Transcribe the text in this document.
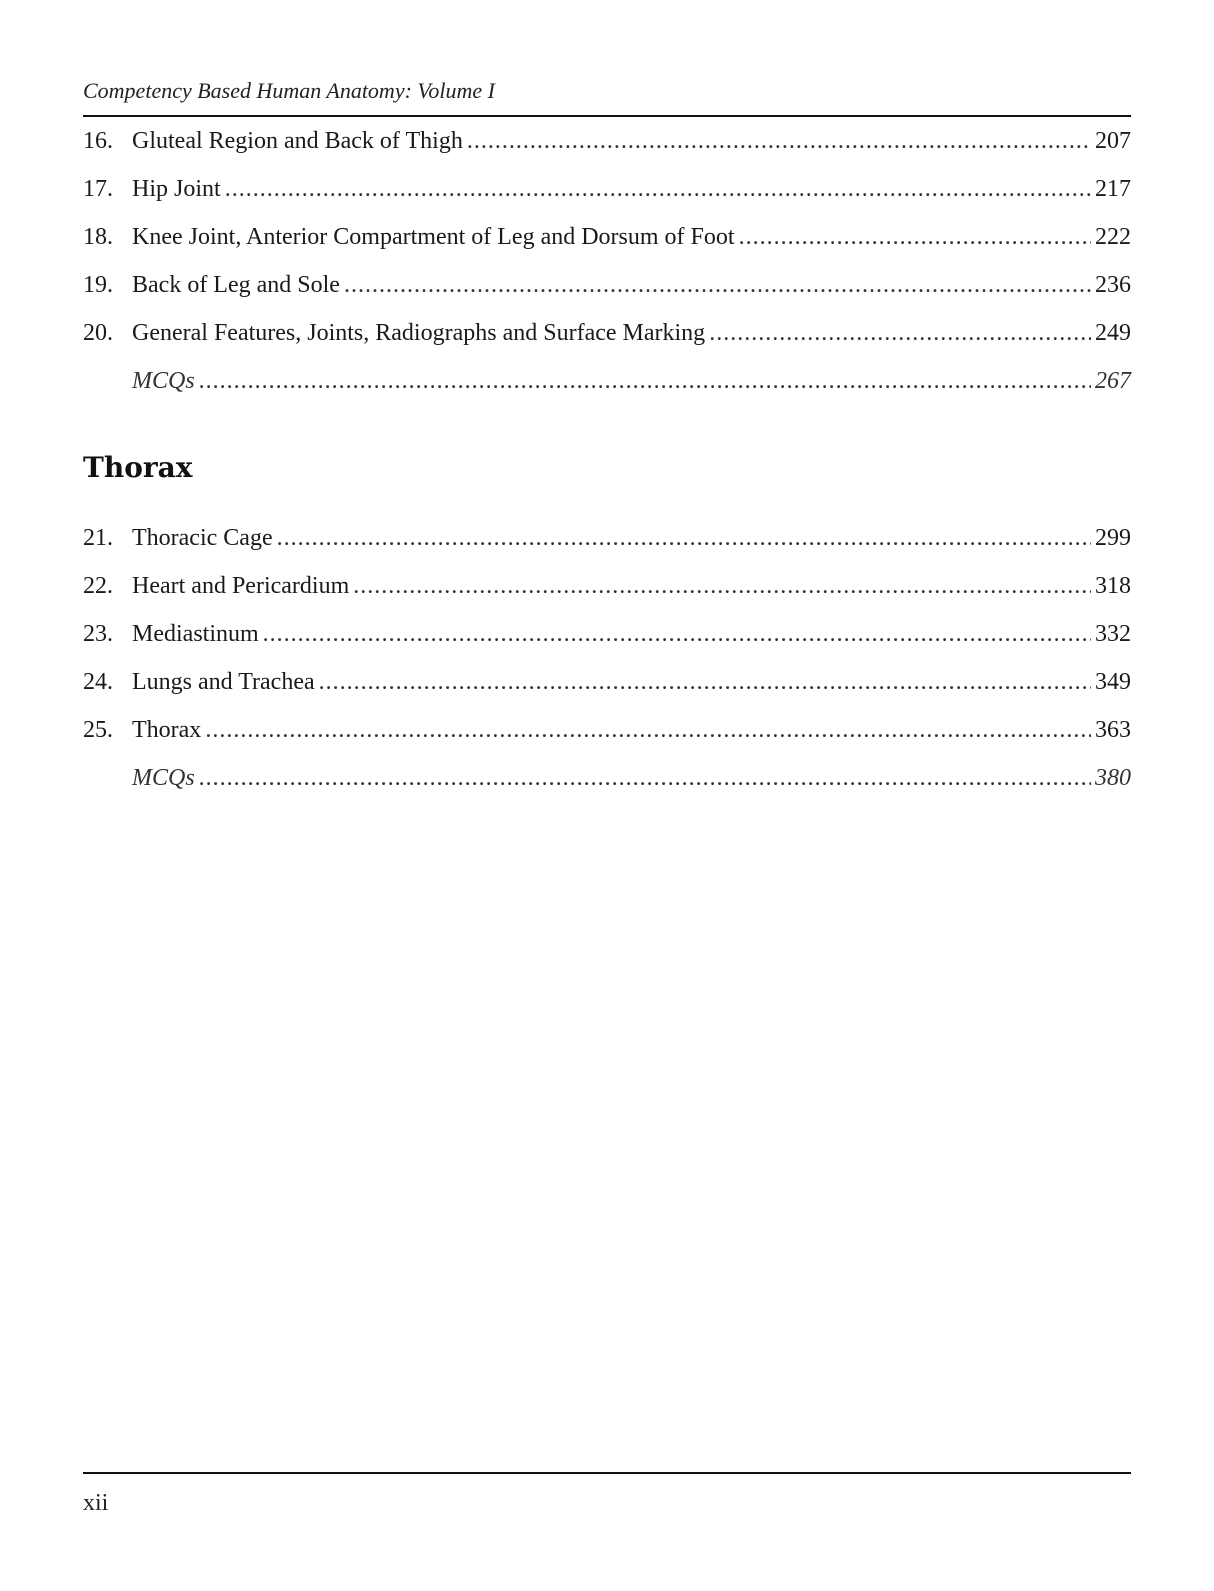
Competency Based Human Anatomy: Volume I
16. Gluteal Region and Back of Thigh .....	207
17. Hip Joint .....	217
18. Knee Joint, Anterior Compartment of Leg and Dorsum of Foot .....	222
19. Back of Leg and Sole .....	236
20. General Features, Joints, Radiographs and Surface Marking .....	249
MCQs .....	267
Thorax
21. Thoracic Cage .....	299
22. Heart and Pericardium .....	318
23. Mediastinum .....	332
24. Lungs and Trachea .....	349
25. Thorax .....	363
MCQs .....	380
xii
